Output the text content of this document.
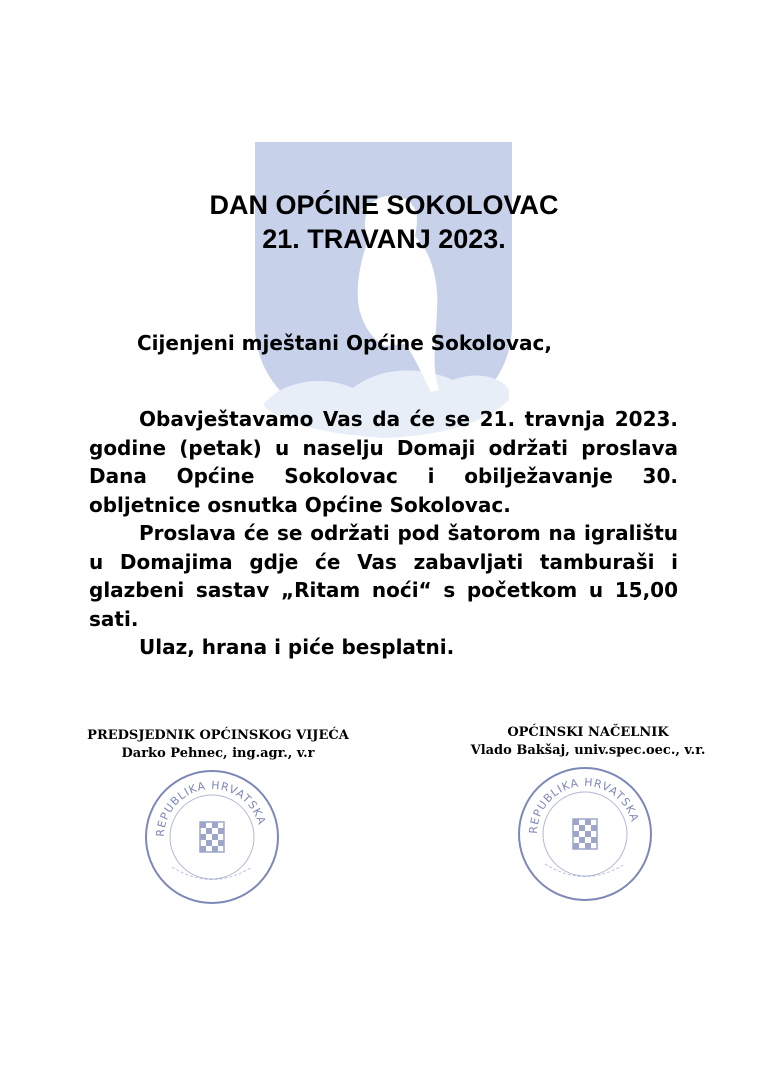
DAN OPĆINE SOKOLOVAC
21. TRAVANJ 2023.

Cijenjeni mještani Općine Sokolovac,

Obavještavamo Vas da će se 21. travnja 2023. godine (petak) u naselju Domaji održati proslava Dana Općine Sokolovac i obilježavanje 30. obljetnice osnutka Općine Sokolovac.

Proslava će se održati pod šatorom na igralištu u Domajima gdje će Vas zabavljati tamburaši i glazbeni sastav „Ritam noći“ s početkom u 15,00 sati.

Ulaz, hrana i piće besplatni.

PREDSJEDNIK OPĆINSKOG VIJEĆA
Darko Pehnec, ing.agr., v.r
OPĆINSKI NAČELNIK
Vlado Bakšaj, univ.spec.oec., v.r.
REPUBLIKA HRVATSKA
REPUBLIKA HRVATSKA
